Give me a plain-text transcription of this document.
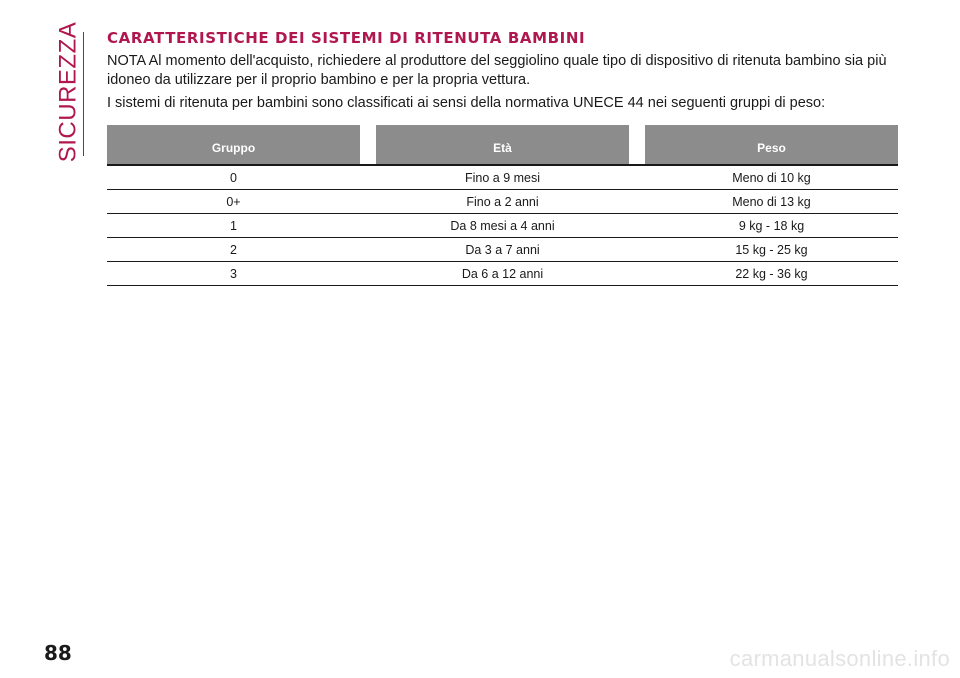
SICUREZZA CARATTERISTICHE DEI SISTEMI DI RITENUTA BAMBINI

NOTA Al momento dell'acquisto, richiedere al produttore del seggiolino quale tipo di dispositivo di ritenuta bambino sia più
idoneo da utilizzare per il proprio bambino e per la propria vettura.

I sistemi di ritenuta per bambini sono classificati ai sensi della normativa UNECE 44 nei seguenti gruppi di peso:

Gruppo		Età		Peso
0		Fino a 9 mesi		Meno di 10 kg
0+		Fino a 2 anni		Meno di 13 kg
1		Da 8 mesi a 4 anni		9 kg - 18 kg
2		Da 3 a 7 anni		15 kg - 25 kg
3		Da 6 a 12 anni		22 kg - 36 kg
88	carmanualsonline.info
